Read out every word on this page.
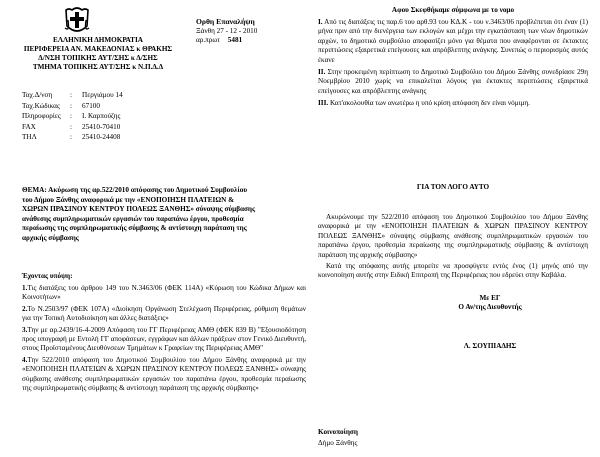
ΕΛΛΗΝΙΚΗ ΔΗΜΟΚΡΑΤΙΑ
ΠΕΡΙΦΕΡΕΙΑ ΑΝ. ΜΑΚΕΔΟΝΙΑΣ κ ΘΡΑΚΗΣ
Δ/ΝΣΗ ΤΟΠΙΚΗΣ ΑΥΤ/ΣΗΣ κ Δ/ΣΗΣ
ΤΜΗΜΑ ΤΟΠΙΚΗΣ ΑΥΤ/ΣΗΣ κ Ν.Π.Δ.Δ
Ορθη Επαναλήψη
Ξάνθη 27 - 12 - 2010
αρ.πρωτ 5481
Ταχ.Δ/νση	:	Περγιάμου 14
Ταχ.Κώδικας	:	67100
Πληροφορίες	:	Ι. Καρπούζης
FAX	:	25410-70410
ΤΗΛ	:	25410-24408
ΘΕΜΑ: Ακύρωση της αρ.522/2010 απόφασης του Δημοτικού Συμβουλίου
του Δήμου Ξάνθης αναφορικά με την «ΕΝΟΠΟΙΗΣΗ ΠΛΑΤΕΙΩΝ &
ΧΩΡΩΝ ΠΡΑΣΙΝΟΥ ΚΕΝΤΡΟΥ ΠΟΛΕΩΣ ΞΑΝΘΗΣ» σύναψης σύμβασης
ανάθεσης συμπληρωματικών εργασιών του παραπάνω έργου, προθεσμία
περαίωσης της συμπληρωματικής σύμβασης & αντίστοιχη παράταση της
αρχικής σύμβασης
Έχοντας υπόψη:
1.Τις διατάξεις του άρθρου 149 του Ν.3463/06 (ΦΕΚ 114Α) «Κύρωση του Κώδικα Δήμων και Κοινοτήτων»
2.Το Ν.2503/97 (ΦΕΚ 107Α) «Διοίκηση Οργάνωση Στελέχωση Περιφέρειας, ρύθμιση θεμάτων για την Τοπική Αυτοδιοίκηση και άλλες διατάξεις»
3.Την με αρ.2439/16-4-2009 Απόφαση του ΓΓ Περιφέρειας ΑΜΘ (ΦΕΚ 839 Β) "Εξουσιοδότηση προς υπογραφή με Εντολή ΓΓ αποφάσεων, εγγράφων και άλλων πράξεων στον Γενικό Διευθυντή, στους Προϊσταμένους Διευθύνσεων Τμημάτων κ Γραφείων της Περιφέρειας ΑΜΘ"
4.Την 522/2010 απόφαση του Δημοτικού Συμβουλίου του Δήμου Ξάνθης αναφορικά με την «ΕΝΟΠΟΙΗΣΗ ΠΛΑΤΕΙΩΝ & ΧΩΡΩΝ ΠΡΑΣΙΝΟΥ ΚΕΝΤΡΟΥ ΠΟΛΕΩΣ ΞΑΝΘΗΣ» σύναψης σύμβασης ανάθεσης συμπληρωματικών εργασιών του παραπάνω έργου, προθεσμία περαίωσης της συμπληρωματικής σύμβασης & αντίστοιχη παράταση της αρχικής σύμβασης»
Αφου Σκεφθήκαμε σύμφωνα με το νομο
Ι. Από τις διατάξεις τις παρ.6 του αρθ.93 του ΚΔ.Κ - του ν.3463/06 προβλέπεται ότι έναν (1) μήνα πριν από την διενέργεια των εκλογών και μέχρι την εγκατάσταση των νέων δημοτικών αρχών, το δημοτικό συμβούλιο αποφασίζει μόνο για θέματα που αναφέρονται σε έκτακτες περιπτώσεις εξαιρετικά επείγουσες και απρόβλεπτης ανάγκης. Συνεπώς ο περιορισμός αυτός έκανε
ΙΙ. Στην προκειμένη περίπτωση το Δημοτικό Συμβούλιο του Δήμου Ξάνθης συνεδρίασε 29η Νοεμβρίου 2010 χωρίς να επικαλείται λόγους για έκτακτες περιπτώσεις εξαιρετικά επείγουσες και απρόβλεπτης ανάγκης
ΙΙΙ. Κατ'ακολουθία των ανωτέρω η υπό κρίση απόφαση δεν είναι νόμιμη.
ΓΙΑ ΤΟΝ ΛΟΓΟ ΑΥΤΟ
Ακυρώνουμε την 522/2010 απόφαση του Δημοτικού Συμβουλίου του Δήμου Ξάνθης αναφορικά με την «ΕΝΟΠΟΙΗΣΗ ΠΛΑΤΕΙΩΝ & ΧΩΡΩΝ ΠΡΑΣΙΝΟΥ ΚΕΝΤΡΟΥ ΠΟΛΕΩΣ ΞΑΝΘΗΣ» σύναψης σύμβασης ανάθεσης συμπληρωματικών εργασιών του παραπάνω έργου, προθεσμία περαίωσης της συμπληρωματικής σύμβασης & αντίστοιχη παράταση της αρχικής σύμβασης»
Κατά της απόφασης αυτής μπορείτε να προσφύγετε εντός ένος (1) μηνός από την κοινοποίηση αυτής στην Ειδική Επιτροπή της Περιφέρειας που εδρεύει στην Καβάλα.
Με ΕΓ
Ο Αν/της Διευθυντής
Λ. ΣΟΥΠΙΑΔΗΣ
Κοινοποίηση
Δήμο Ξάνθης
